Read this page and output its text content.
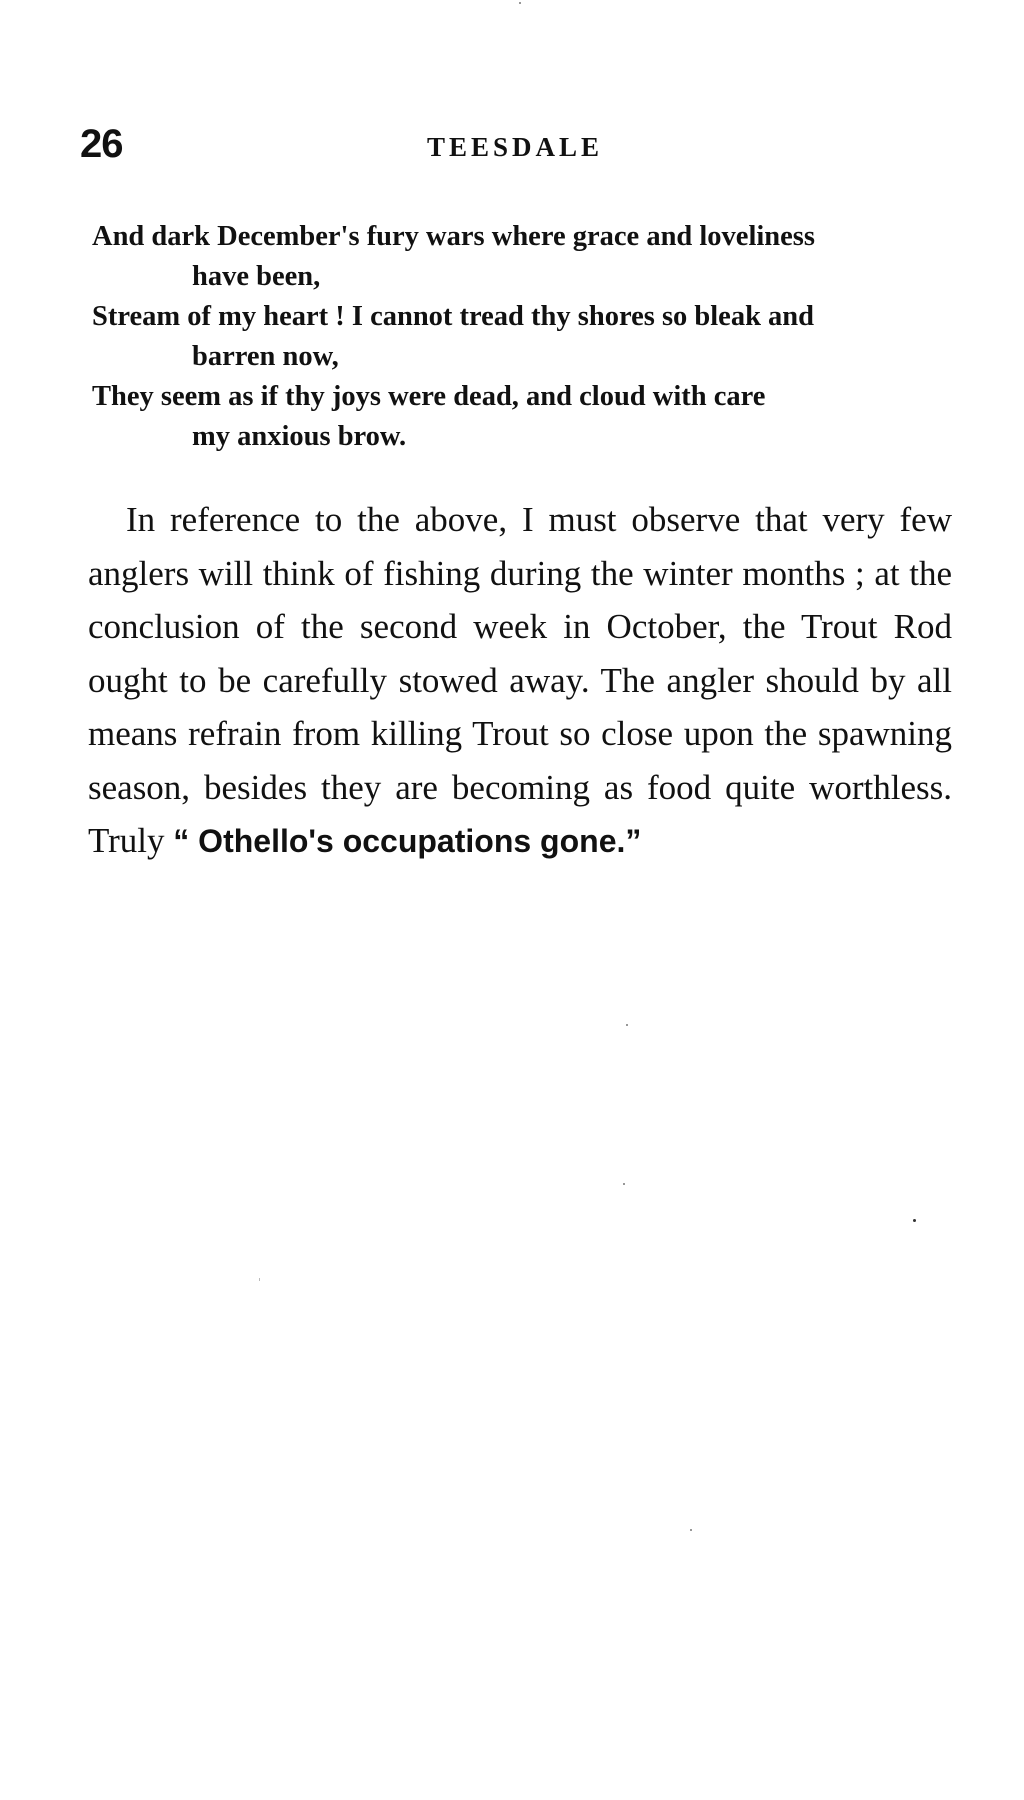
26	TEESDALE

And dark December's fury wars where grace and loveliness
have been,

Stream of my heart ! I cannot tread thy shores so bleak and
barren now,

They seem as if thy joys were dead, and cloud with care
my anxious brow.

In reference to the above, I must observe that very few anglers will think of fishing during the winter months ; at the conclusion of the second week in October, the Trout Rod ought to be carefully stowed away. The angler should by all means refrain from killing Trout so close upon the spawning season, besides they are becoming as food quite worthless. Truly “ Othello's occupations gone.”
